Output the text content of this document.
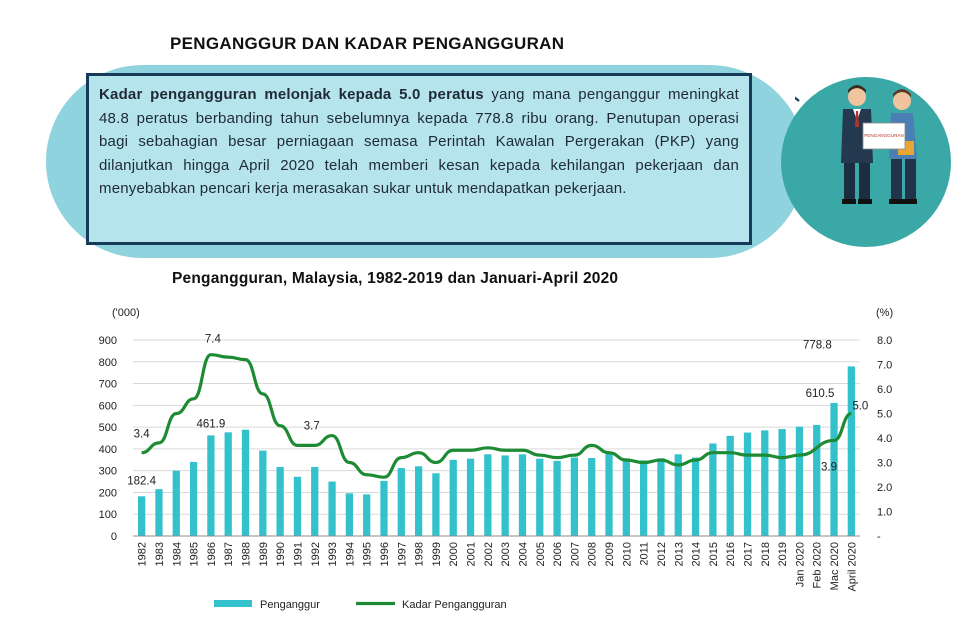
PENGANGGUR DAN KADAR PENGANGGURAN

Kadar pengangguran melonjak kepada 5.0 peratus yang mana penganggur meningkat 48.8 peratus berbanding tahun sebelumnya kepada 778.8 ribu orang. Penutupan operasi bagi sebahagian besar perniagaan semasa Perintah Kawalan Pergerakan (PKP) yang dilanjutkan hingga April 2020 telah memberi kesan kepada kehilangan pekerjaan dan menyebabkan pencari kerja merasakan sukar untuk mendapatkan pekerjaan.

PENGANGGURAN
Pengangguran, Malaysia, 1982-2019 dan Januari-April 2020
0
100
200
300
400
500
600
700
800
900
-
1.0
2.0
3.0
4.0
5.0
6.0
7.0
8.0
1982 1983 1984 1985 1986 1987 1988 1989 1990 1991 1992 1993 1994 1995 1996 1997 1998 1999 2000 2001 2002 2003 2004 2005 2006 2007 2008 2009 2010 2011 2012 2013 2014 2015 2016 2017 2018 2019 Jan 2020 Feb 2020 Mac 2020 April 2020
182.4
461.9
610.5
778.8
3.4
7.4
3.7
3.9
5.0
('000)	(%)
Penganggur	Kadar Pengangguran
